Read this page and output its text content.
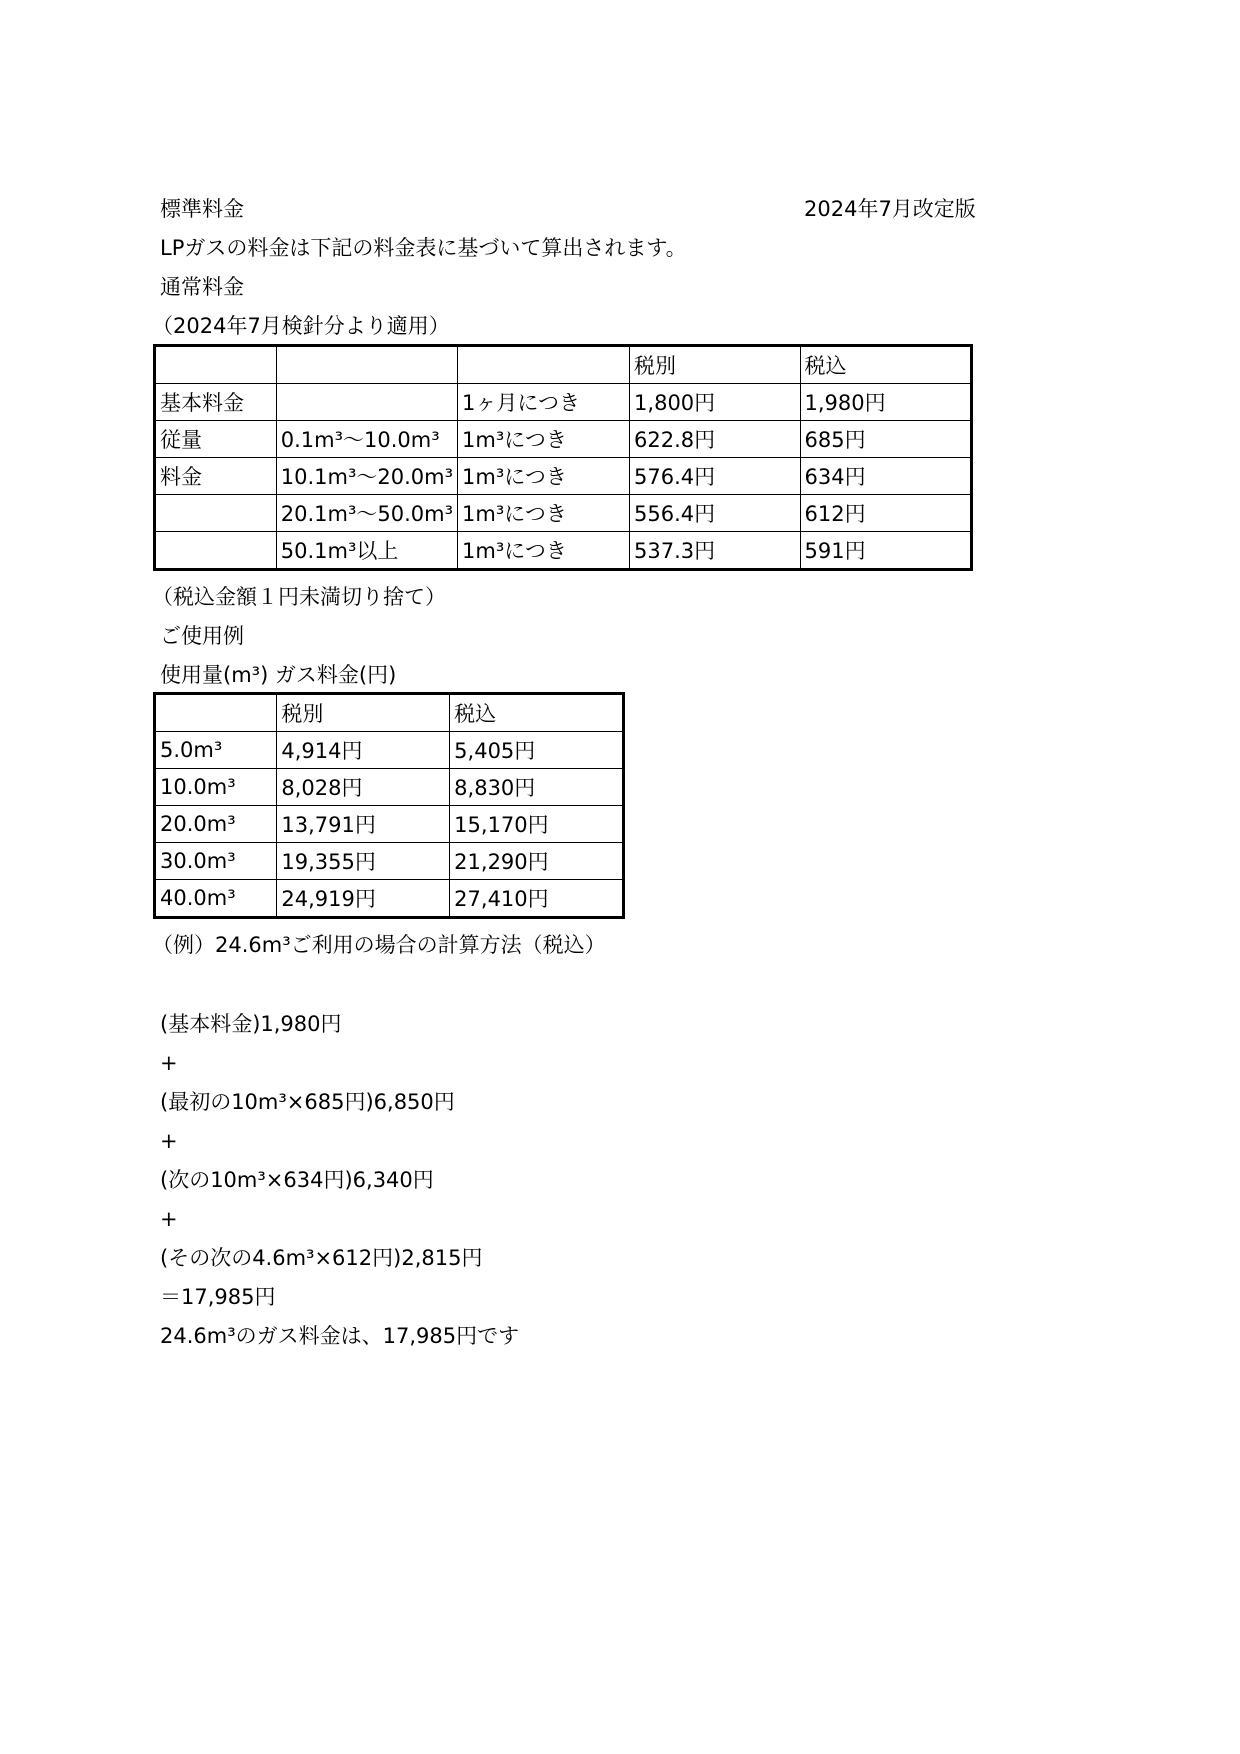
標準料金	2024年7月改定版
LPガスの料金は下記の料金表に基づいて算出されます。
通常料金
（2024年7月検針分より適用）
			税別	税込
基本料金		1ヶ月につき	1,800円	1,980円
従量	0.1m³〜10.0m³	1m³につき	622.8円	685円
料金	10.1m³〜20.0m³	1m³につき	576.4円	634円
	20.1m³〜50.0m³	1m³につき	556.4円	612円
	50.1m³以上	1m³につき	537.3円	591円
（税込金額１円未満切り捨て）
ご使用例
使用量(m³) ガス料金(円)
	税別	税込
5.0m³	4,914円	5,405円
10.0m³	8,028円	8,830円
20.0m³	13,791円	15,170円
30.0m³	19,355円	21,290円
40.0m³	24,919円	27,410円
（例）24.6m³ご利用の場合の計算方法（税込）
(基本料金)1,980円
+
(最初の10m³×685円)6,850円
+
(次の10m³×634円)6,340円
+
(その次の4.6m³×612円)2,815円
＝17,985円
24.6m³のガス料金は、17,985円です
